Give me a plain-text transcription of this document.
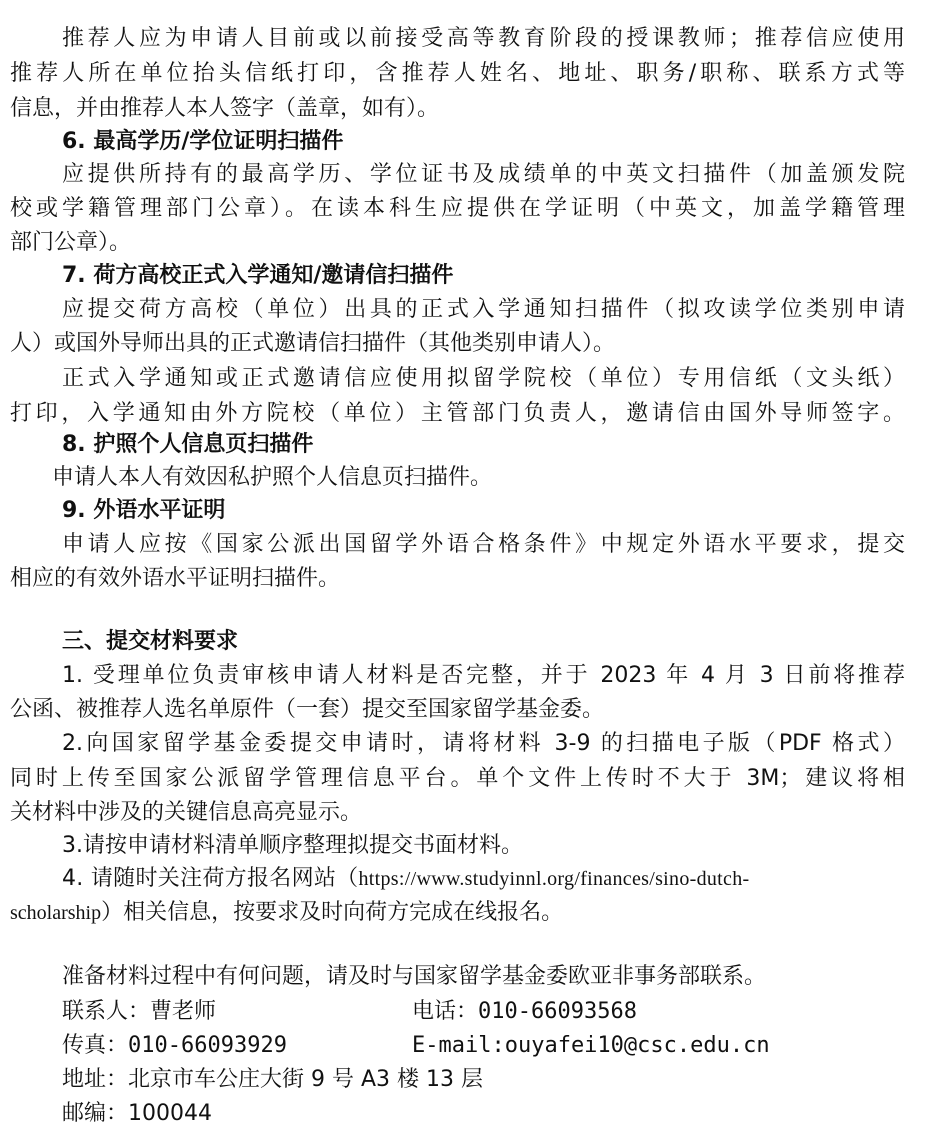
推荐人应为申请人目前或以前接受高等教育阶段的授课教师；推荐信应使用
推荐人所在单位抬头信纸打印，含推荐人姓名、地址、职务/职称、联系方式等
信息，并由推荐人本人签字（盖章，如有）。
6. 最高学历/学位证明扫描件
应提供所持有的最高学历、学位证书及成绩单的中英文扫描件（加盖颁发院
校或学籍管理部门公章）。在读本科生应提供在学证明（中英文，加盖学籍管理
部门公章）。
7. 荷方高校正式入学通知/邀请信扫描件
应提交荷方高校（单位）出具的正式入学通知扫描件（拟攻读学位类别申请
人）或国外导师出具的正式邀请信扫描件（其他类别申请人）。
正式入学通知或正式邀请信应使用拟留学院校（单位）专用信纸（文头纸）
打印，入学通知由外方院校（单位）主管部门负责人，邀请信由国外导师签字。
8. 护照个人信息页扫描件
申请人本人有效因私护照个人信息页扫描件。
9. 外语水平证明
申请人应按《国家公派出国留学外语合格条件》中规定外语水平要求，提交
相应的有效外语水平证明扫描件。
三、提交材料要求
1. 受理单位负责审核申请人材料是否完整，并于 2023 年 4 月 3 日前将推荐
公函、被推荐人选名单原件（一套）提交至国家留学基金委。
2.向国家留学基金委提交申请时，请将材料 3-9 的扫描电子版（PDF 格式）
同时上传至国家公派留学管理信息平台。单个文件上传时不大于 3M；建议将相
关材料中涉及的关键信息高亮显示。
3.请按申请材料清单顺序整理拟提交书面材料。
4. 请随时关注荷方报名网站（https://www.studyinnl.org/finances/sino-dutch-
scholarship）相关信息，按要求及时向荷方完成在线报名。
准备材料过程中有何问题，请及时与国家留学基金委欧亚非事务部联系。
联系人：曹老师	电话：010-66093568
传真：010-66093929	E-mail:ouyafei10@csc.edu.cn
地址：北京市车公庄大街 9 号 A3 楼 13 层
邮编：100044
